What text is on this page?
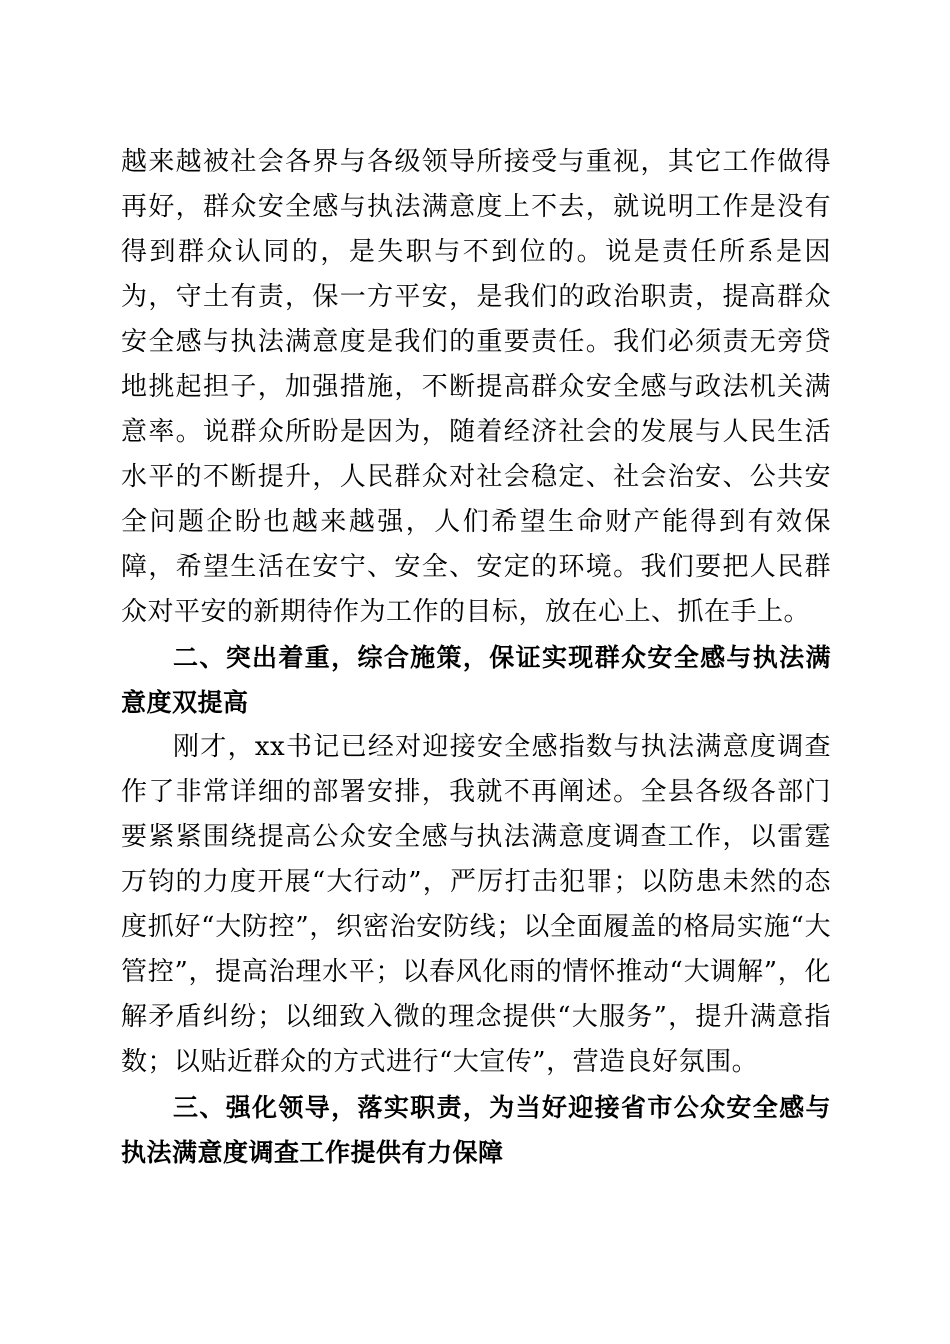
越来越被社会各界与各级领导所接受与重视，其它工作做得再好，群众安全感与执法满意度上不去，就说明工作是没有得到群众认同的，是失职与不到位的。说是责任所系是因为，守土有责，保一方平安，是我们的政治职责，提高群众安全感与执法满意度是我们的重要责任。我们必须责无旁贷地挑起担子，加强措施，不断提高群众安全感与政法机关满意率。说群众所盼是因为，随着经济社会的发展与人民生活水平的不断提升，人民群众对社会稳定、社会治安、公共安全问题企盼也越来越强，人们希望生命财产能得到有效保障，希望生活在安宁、安全、安定的环境。我们要把人民群众对平安的新期待作为工作的目标，放在心上、抓在手上。

二、突出着重，综合施策，保证实现群众安全感与执法满意度双提高

刚才，xx书记已经对迎接安全感指数与执法满意度调查作了非常详细的部署安排，我就不再阐述。全县各级各部门要紧紧围绕提高公众安全感与执法满意度调查工作，以雷霆万钧的力度开展“大行动”，严厉打击犯罪；以防患未然的态度抓好“大防控”，织密治安防线；以全面履盖的格局实施“大管控”，提高治理水平；以春风化雨的情怀推动“大调解”，化解矛盾纠纷；以细致入微的理念提供“大服务”，提升满意指数；以贴近群众的方式进行“大宣传”，营造良好氛围。

三、强化领导，落实职责，为当好迎接省市公众安全感与执法满意度调查工作提供有力保障
